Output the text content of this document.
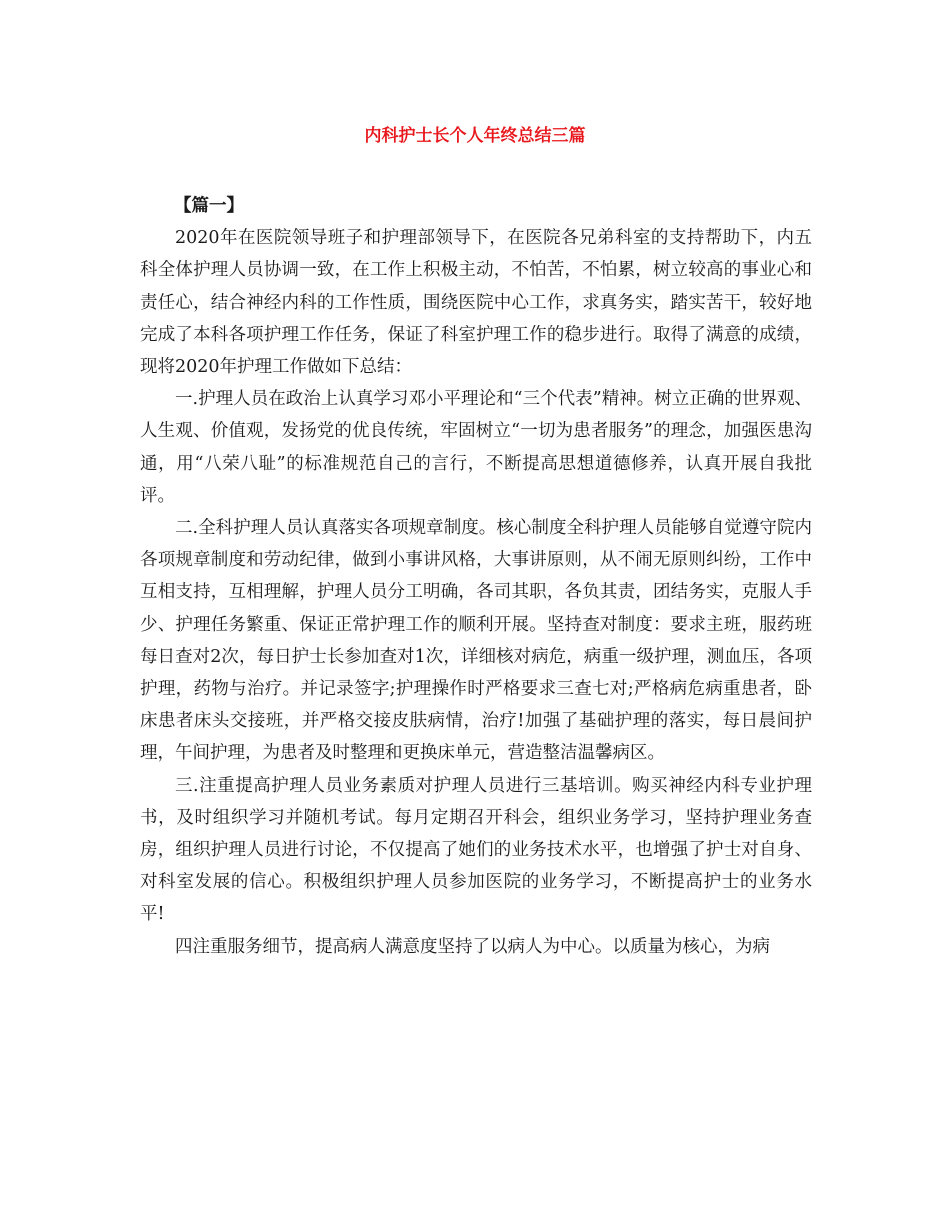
内科护士长个人年终总结三篇

【篇一】

2020年在医院领导班子和护理部领导下，在医院各兄弟科室的支持帮助下，内五科全体护理人员协调一致，在工作上积极主动，不怕苦，不怕累，树立较高的事业心和责任心，结合神经内科的工作性质，围绕医院中心工作，求真务实，踏实苦干，较好地完成了本科各项护理工作任务，保证了科室护理工作的稳步进行。取得了满意的成绩，现将2020年护理工作做如下总结：

一.护理人员在政治上认真学习邓小平理论和“三个代表”精神。树立正确的世界观、人生观、价值观，发扬党的优良传统，牢固树立“一切为患者服务”的理念，加强医患沟通，用“八荣八耻”的标准规范自己的言行，不断提高思想道德修养，认真开展自我批评。

二.全科护理人员认真落实各项规章制度。核心制度全科护理人员能够自觉遵守院内各项规章制度和劳动纪律，做到小事讲风格，大事讲原则，从不闹无原则纠纷，工作中互相支持，互相理解，护理人员分工明确，各司其职，各负其责，团结务实，克服人手少、护理任务繁重、保证正常护理工作的顺利开展。坚持查对制度：要求主班，服药班每日查对2次，每日护士长参加查对1次，详细核对病危，病重一级护理，测血压，各项护理，药物与治疗。并记录签字;护理操作时严格要求三查七对;严格病危病重患者，卧床患者床头交接班，并严格交接皮肤病情，治疗!加强了基础护理的落实，每日晨间护理，午间护理，为患者及时整理和更换床单元，营造整洁温馨病区。

三.注重提高护理人员业务素质对护理人员进行三基培训。购买神经内科专业护理书，及时组织学习并随机考试。每月定期召开科会，组织业务学习，坚持护理业务查房，组织护理人员进行讨论，不仅提高了她们的业务技术水平，也增强了护士对自身、对科室发展的信心。积极组织护理人员参加医院的业务学习，不断提高护士的业务水平!

四注重服务细节，提高病人满意度坚持了以病人为中心。以质量为核心，为病
